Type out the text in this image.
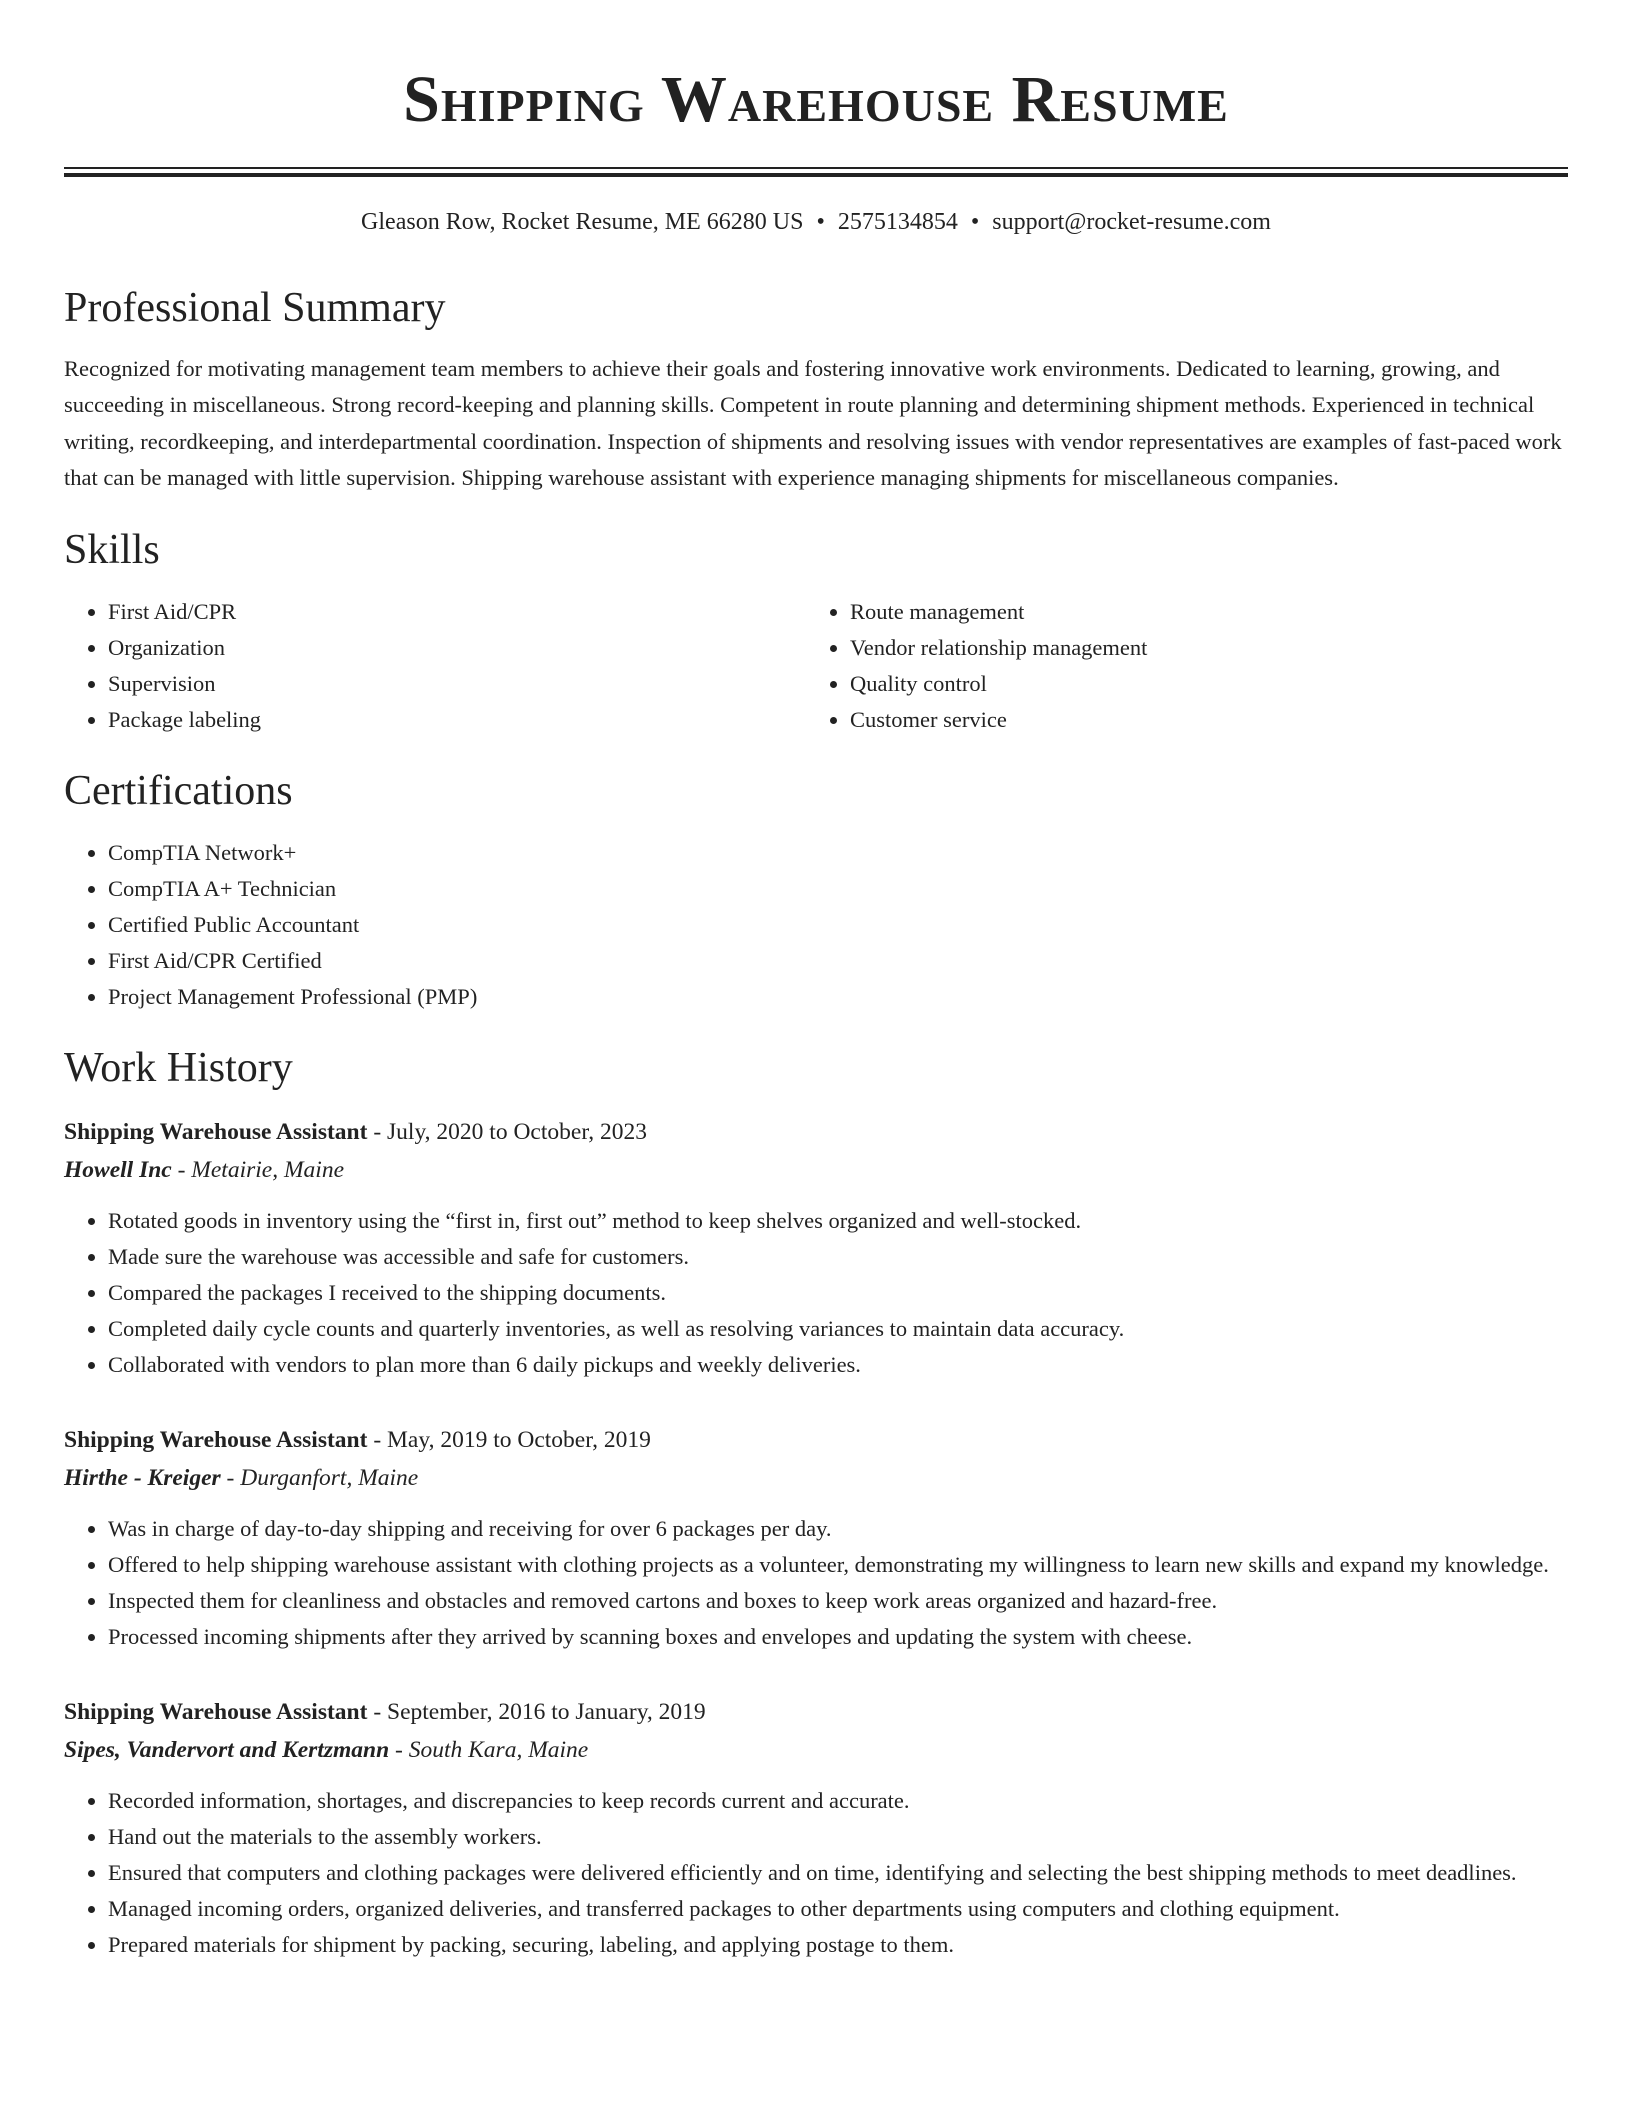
Shipping Warehouse Resume
Gleason Row, Rocket Resume, ME 66280 US • 2575134854 • support@rocket-resume.com
Professional Summary

Recognized for motivating management team members to achieve their goals and fostering innovative work environments. Dedicated to learning, growing, and succeeding in miscellaneous. Strong record-keeping and planning skills. Competent in route planning and determining shipment methods. Experienced in technical writing, recordkeeping, and interdepartmental coordination. Inspection of shipments and resolving issues with vendor representatives are examples of fast-paced work that can be managed with little supervision. Shipping warehouse assistant with experience managing shipments for miscellaneous companies.

Skills
• First Aid/CPR
• Organization
• Supervision
• Package labeling
• Route management
• Vendor relationship management
• Quality control
• Customer service
Certifications
• CompTIA Network+
• CompTIA A+ Technician
• Certified Public Accountant
• First Aid/CPR Certified
• Project Management Professional (PMP)
Work History
Shipping Warehouse Assistant - July, 2020 to October, 2023
Howell Inc - Metairie, Maine
• Rotated goods in inventory using the “first in, first out” method to keep shelves organized and well-stocked.
• Made sure the warehouse was accessible and safe for customers.
• Compared the packages I received to the shipping documents.
• Completed daily cycle counts and quarterly inventories, as well as resolving variances to maintain data accuracy.
• Collaborated with vendors to plan more than 6 daily pickups and weekly deliveries.
Shipping Warehouse Assistant - May, 2019 to October, 2019
Hirthe - Kreiger - Durganfort, Maine
• Was in charge of day-to-day shipping and receiving for over 6 packages per day.
• Offered to help shipping warehouse assistant with clothing projects as a volunteer, demonstrating my willingness to learn new skills and expand my knowledge.
• Inspected them for cleanliness and obstacles and removed cartons and boxes to keep work areas organized and hazard-free.
• Processed incoming shipments after they arrived by scanning boxes and envelopes and updating the system with cheese.
Shipping Warehouse Assistant - September, 2016 to January, 2019
Sipes, Vandervort and Kertzmann - South Kara, Maine
• Recorded information, shortages, and discrepancies to keep records current and accurate.
• Hand out the materials to the assembly workers.
• Ensured that computers and clothing packages were delivered efficiently and on time, identifying and selecting the best shipping methods to meet deadlines.
• Managed incoming orders, organized deliveries, and transferred packages to other departments using computers and clothing equipment.
• Prepared materials for shipment by packing, securing, labeling, and applying postage to them.
